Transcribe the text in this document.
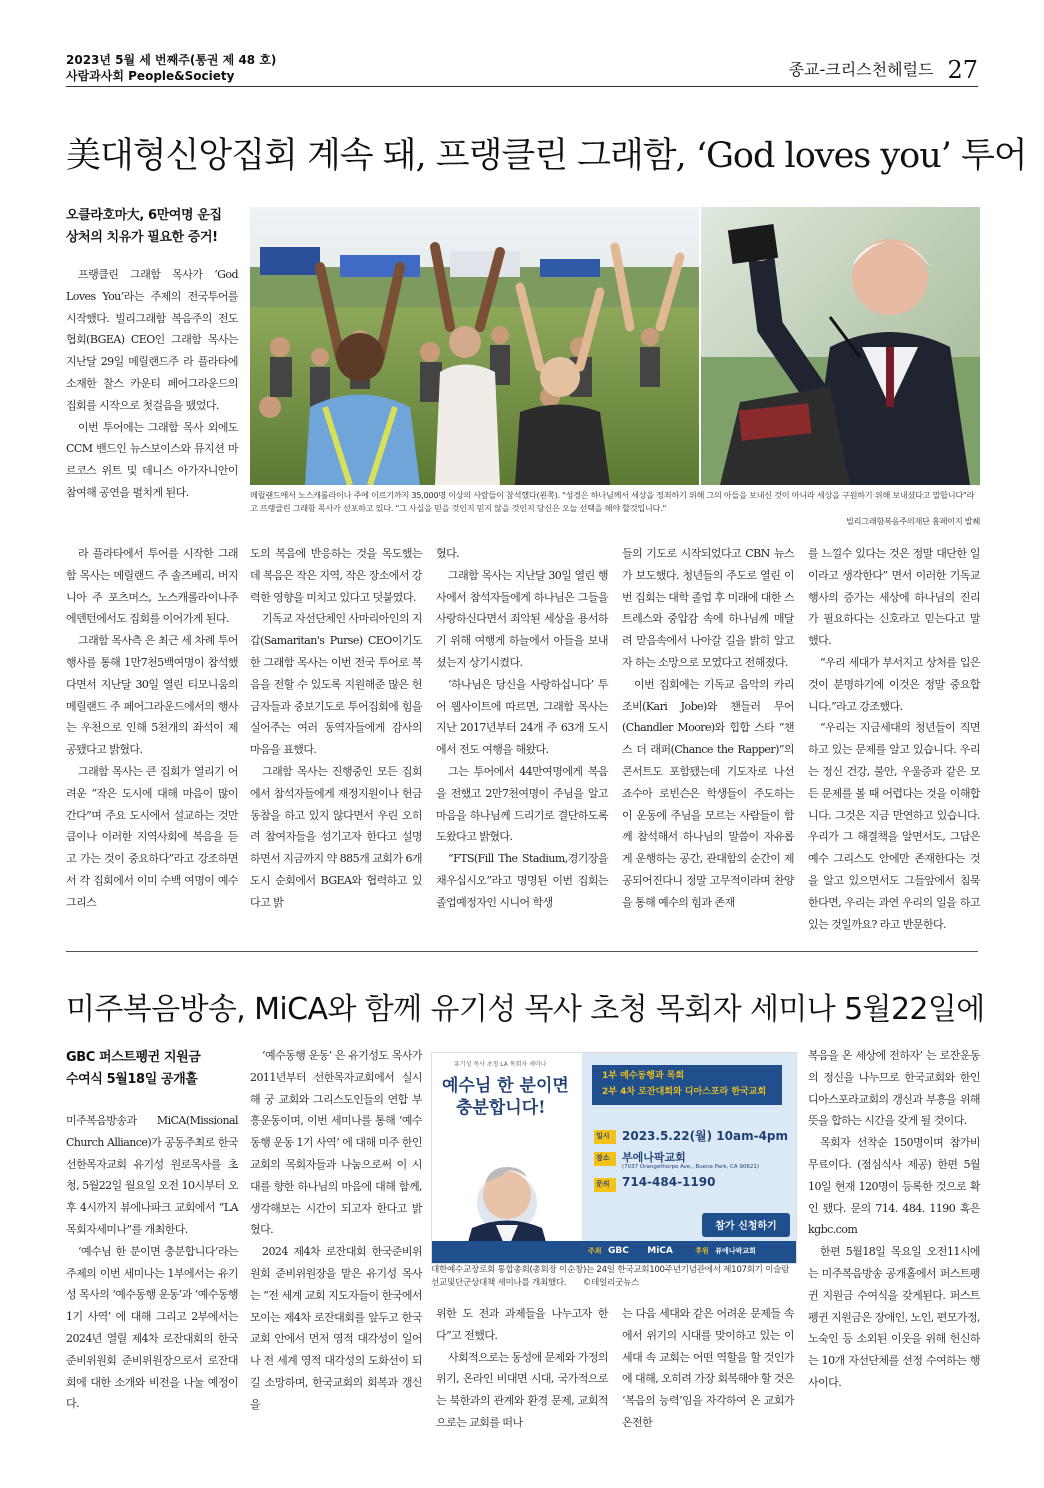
2023년 5월 세 번째주(통권 제 48 호)
사람과사회 People&Society	종교-크리스천헤럴드 27
美대형신앙집회 계속 돼, 프랭클린 그래함, ‘God loves you’ 투어
오클라호마大, 6만여명 운집
상처의 치유가 필요한 증거!

프랭클린 그래함 목사가 ‘God Loves You’라는 주제의 전국투어를 시작했다. 빌리그래함 복음주의 전도협회(BGEA) CEO인 그래함 목사는 지난달 29일 메릴랜드주 라 플라타에 소재한 찰스 카운티 페어그라운드의 집회를 시작으로 첫걸음을 뗐었다.

이번 투어에는 그래함 목사 외에도 CCM 밴드인 뉴스보이스와 뮤지션 마르코스 위트 및 데니스 아가자니안이 참여해 공연을 펼치게 된다.	메릴랜드에서 노스캐롤라이나 주에 이르기까지 35,000명 이상의 사람들이 참석했다(왼쪽). "성경은 하나님께서 세상을 정죄하기 위해 그의 아들을 보내신 것이 아니라 세상을 구원하기 위해 보내셨다고 말합니다"라고 프랭클린 그래함 목사가 선포하고 있다. "그 사실을 믿을 것인지 믿지 않을 것인지 당신은 오늘 선택을 해야 할것입니다."
빌리그래함복음주의재단 홈페이지 발췌

라 플라타에서 투어를 시작한 그래함 목사는 메릴랜드 주 솔즈베리, 버지니아 주 포츠머스, 노스캐롤라이나주 에덴턴에서도 집회를 이어가게 된다.

그래함 목사측 은 최근 세 차례 투어 행사를 통해 1만7천5백여명이 참석했다면서 지난달 30일 열린 티모니움의 메릴랜드 주 페어그라운드에서의 행사는 우천으로 인해 5천개의 좌석이 제공됐다고 밝혔다.

그래함 목사는 큰 집회가 열리기 어려운 “작은 도시에 대해 마음이 많이 간다”며 주요 도시에서 설교하는 것만큼이나 이러한 지역사회에 복음을 듣고 가는 것이 중요하다”라고 강조하면서 각 집회에서 이미 수백 여명이 예수 그리스

도의 복음에 반응하는 것을 목도했는데 복음은 작은 지역, 작은 장소에서 강력한 영향을 미치고 있다고 덧붙였다.

기독교 자선단체인 사마리아인의 지갑(Samaritan's Purse) CEO이기도 한 그래함 목사는 이번 전국 투어로 복음을 전할 수 있도록 지원해준 많은 헌금자들과 중보기도로 투어집회에 힘을 실어주는 여러 동역자들에게 감사의 마음을 표했다.

그래함 목사는 진행중인 모든 집회에서 참석자들에게 재정지원이나 헌금동참을 하고 있지 않다면서 우린 오히려 참여자들을 섬기고자 한다고 설명하면서 지금까지 약 885개 교회가 6개 도시 순회에서 BGEA와 협력하고 있다고 밝

혔다.

그래함 목사는 지난달 30일 열린 행사에서 참석자들에게 하나님은 그들을 사랑하신다면서 죄악된 세상을 용서하기 위해 여행게 하늘에서 아들을 보내셨는지 상기시켰다.

‘하나님은 당신을 사랑하십니다’ 투어 웹사이트에 따르면, 그래함 목사는 지난 2017년부터 24개 주 63개 도시에서 전도 여행을 해왔다.

그는 투어에서 44만여명에게 복음을 전했고 2만7천여명이 주님을 알고 마음을 하나님께 드리기로 결단하도록 도왔다고 밝혔다.

“FTS(Fill The Stadium,경기장을 채우십시오”라고 명명된 이번 집회는 졸업예정자인 시니어 학생

들의 기도로 시작되었다고 CBN 뉴스가 보도했다. 청년들의 주도로 열린 이번 집회는 대학 졸업 후 미래에 대한 스트레스와 중압감 속에 하나님께 매달려 맏음속에서 나아갈 길을 밝히 알고자 하는 소망으로 모였다고 전해졌다.

이번 집회에는 기독교 음악의 카리 조비(Kari Jobe)와 챈들러 무어(Chandler Moore)와 힙합 스타 “챈스 더 래퍼(Chance the Rapper)”의 콘서트도 포함됐는데 기도자로 나선 죠수아 로빈슨은 학생들이 주도하는 이 운동에 주님을 모르는 사람들이 함께 참석해서 하나님의 말씀이 자유롭게 운행하는 공간, 관대함의 순간이 제공되어진다니 정말 고무적이라며 찬양을 통해 예수의 힘과 존재

를 느낄수 있다는 것은 정말 대단한 일이라고 생각한다” 면서 이러한 기독교 행사의 증가는 세상에 하나님의 진리가 필요하다는 신호라고 믿는다고 말했다.

“우리 세대가 부서지고 상처를 입은 것이 분명하기에 이것은 정말 중요합니다.”라고 강조했다.

“우리는 지금세대의 청년들이 직면하고 있는 문제를 알고 있습니다. 우리는 정신 건강, 불안, 우울증과 같은 모든 문제를 볼 때 어렵다는 것을 이해합니다. 그것은 지금 만연하고 있습니다. 우리가 그 해결책을 알면서도, 그답은 예수 그리스도 안에만 존재한다는 것을 알고 있으면서도 그들앞에서 침묵한다면, 우리는 과연 우리의 일을 하고 있는 것일까요? 라고 반문한다.

미주복음방송, MiCA와 함께 유기성 목사 초청 목회자 세미나 5월22일에
GBC 퍼스트펭귄 지원금
수여식 5월18일 공개홀

미주복음방송과 MiCA(Missional Church Alliance)가 공동주최로 한국 선한목자교회 유기성 원로목사를 초청, 5월22일 월요일 오전 10시부터 오후 4시까지 뷰에나파크 교회에서 “LA목회자세미나”를 개최한다.

‘예수님 한 분이면 충분합니다’라는 주제의 이번 세미나는 1부에서는 유기성 목사의 ‘예수동행 운동’과 ‘예수동행 1기 사역’ 에 대해 그리고 2부에서는 2024년 열릴 제4차 로잔대회의 한국준비위원회 준비위원장으로서 로잔대회에 대한 소개와 비전을 나눌 예정이다.

‘예수동행 운동’ 은 유기성도 목사가 2011년부터 선한목자교회에서 실시해 궁 교회와 그리스도인들의 연합 부흥운동이며, 이번 세미나를 통해 ‘예수동행 운동 1기 사역’ 에 대해 미주 한인교회의 목회자들과 나눔으로써 이 시대를 향한 하나님의 마음에 대해 함께, 생각해보는 시간이 되고자 한다고 밝혔다.

2024 제4차 로잔대회 한국준비위원회 준비위원장을 맡은 유기성 목사는 “전 세계 교회 지도자들이 한국에서 모이는 제4차 로잔대회를 앞두고 한국 교회 안에서 먼저 영적 대각성이 일어나 전 세계 영적 대각성의 도화선이 되길 소망하며, 한국교회의 회복과 갱신을

유기성 목사 초청 LA 목회자 세미나
예수님 한 분이면
충분합니다!
1부 예수동행과 목회
2부 4차 로잔대회와 디아스포라 한국교회
일시 2023.5.22(월) 10am-4pm
장소 부에나팍교회
(7037 Orangethorpe Ave., Buena Park, CA 90621)
문의 714-484-1190
참가 신청하기
주최 GBC MiCA	후원 뷰에나팍교회
대한예수교장로회 통합총회(총회장 이순창)는 24일 한국교회100주년기념관에서 제107회기 이슬람선교및단군상대책 세미나를 개최했다. ©데일리굿뉴스

위한 도 전과 과제들을 나누고자 한다”고 전했다.

사회적으로는 동성애 문제와 가정의 위기, 온라인 비대면 시대, 국가적으로는 북한과의 관계와 환경 문제, 교회적으로는 교회를 떠나

는 다음 세대와 같은 어려운 문제들 속에서 위기의 시대를 맞이하고 있는 이 세대 속 교회는 어떤 역할을 할 것인가에 대해, 오히려 가장 회복해야 할 것은 ‘복음의 능력’임을 자각하여 온 교회가 온전한

복음을 온 세상에 전하자’ 는 로잔운동의 정신을 나누므로 한국교회와 한인 디아스포라교회의 갱신과 부흥을 위해 뜻을 합하는 시간을 갖게 될 것이다.

목회자 선착순 150명이며 참가비 무료이다. (점심식사 제공) 한편 5월10일 현재 120명이 등록한 것으로 확인 됐다. 문의 714. 484. 1190 혹은 kgbc.com

한편 5월18일 목요일 오전11시에는 미주복음방송 공개홀에서 퍼스트펭귄 지원금 수여식을 갖게된다. 퍼스트펭귄 지원금은 장애인, 노인, 편모가정, 노숙인 등 소외된 이웃을 위해 헌신하는 10개 자선단체를 선정 수여하는 행사이다.
